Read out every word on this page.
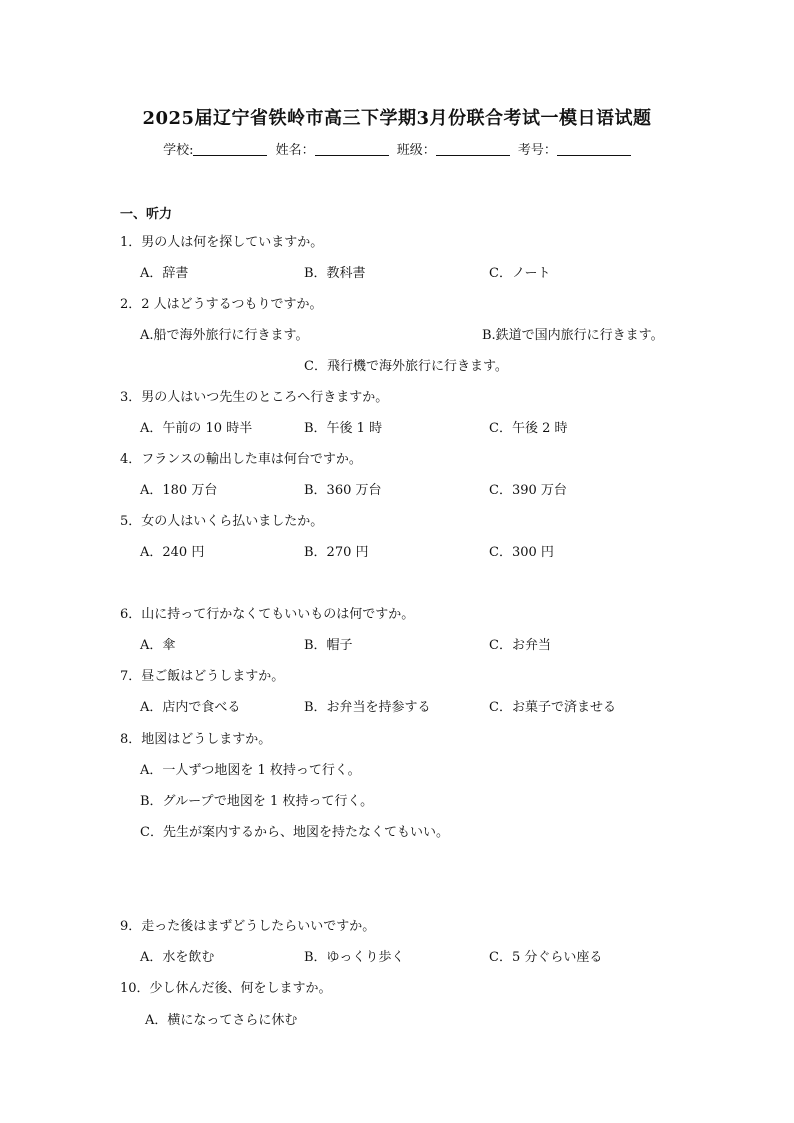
2025届辽宁省铁岭市高三下学期3月份联合考试一模日语试题
学校:	姓名：	班级：	考号：
一、听力
1．男の人は何を探していますか。
A．辞書	B．教科書	C．ノート
2．2 人はどうするつもりですか。
A.船で海外旅行に行きます。	B.鉄道で国内旅行に行きます。
C．飛行機で海外旅行に行きます。
3．男の人はいつ先生のところへ行きますか。
A．午前の 10 時半	B．午後 1 時	C．午後 2 時
4．フランスの輸出した車は何台ですか。
A．180 万台	B．360 万台	C．390 万台
5．女の人はいくら払いましたか。
A．240 円	B．270 円	C．300 円
6．山に持って行かなくてもいいものは何ですか。
A．傘	B．帽子	C．お弁当
7．昼ご飯はどうしますか。
A．店内で食べる	B．お弁当を持参する	C．お菓子で済ませる
8．地図はどうしますか。
A．一人ずつ地図を 1 枚持って行く。
B．グループで地図を 1 枚持って行く。
C．先生が案内するから、地図を持たなくてもいい。
9．走った後はまずどうしたらいいですか。
A．水を飲む	B．ゆっくり歩く	C．5 分ぐらい座る
10．少し休んだ後、何をしますか。
A．横になってさらに休む
